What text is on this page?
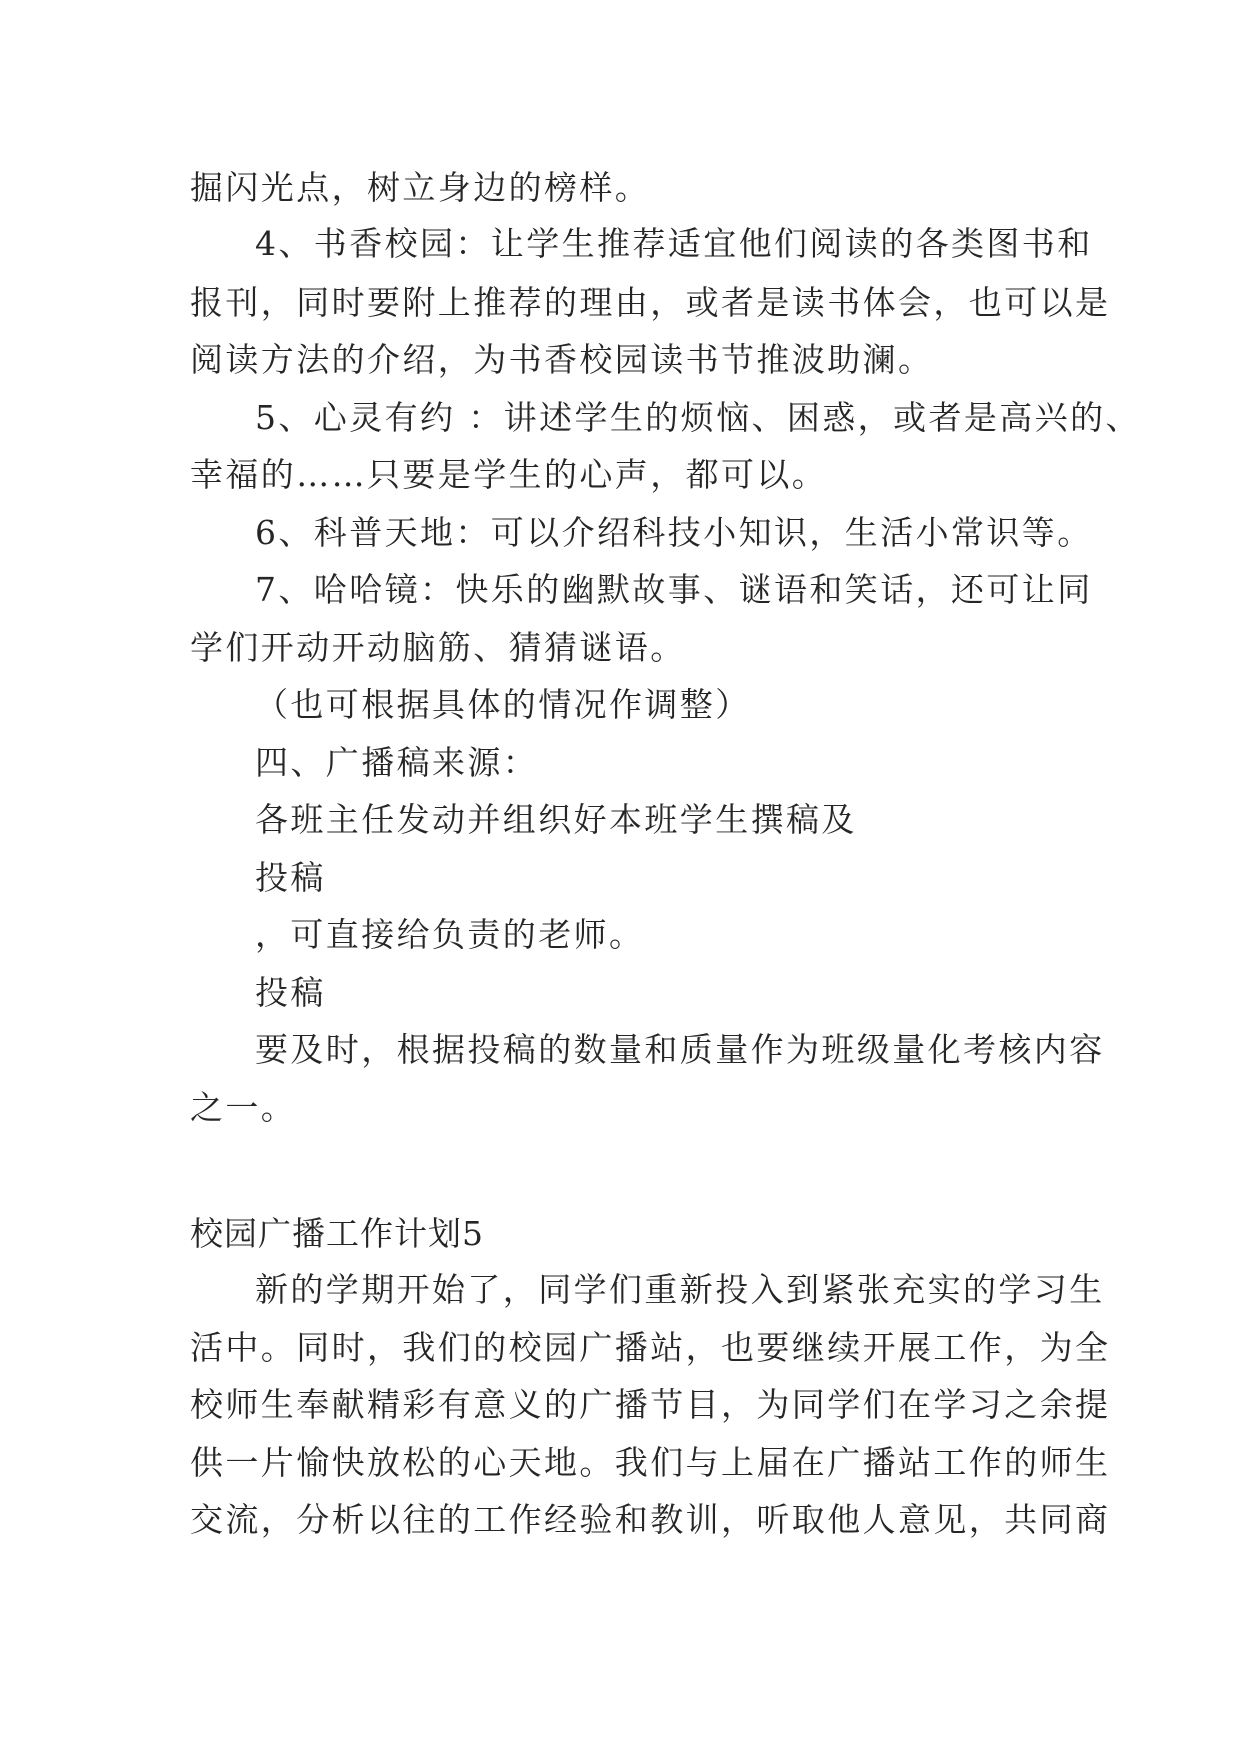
掘闪光点，树立身边的榜样。
4、书香校园：让学生推荐适宜他们阅读的各类图书和
报刊，同时要附上推荐的理由，或者是读书体会，也可以是
阅读方法的介绍，为书香校园读书节推波助澜。
5、心灵有约 ：讲述学生的烦恼、困惑，或者是高兴的、
幸福的……只要是学生的心声，都可以。
6、科普天地：可以介绍科技小知识，生活小常识等。
7、哈哈镜：快乐的幽默故事、谜语和笑话，还可让同
学们开动开动脑筋、猜猜谜语。
（也可根据具体的情况作调整）
四、广播稿来源：
各班主任发动并组织好本班学生撰稿及
投稿
，可直接给负责的老师。
投稿
要及时，根据投稿的数量和质量作为班级量化考核内容
之一。
校园广播工作计划5
新的学期开始了，同学们重新投入到紧张充实的学习生
活中。同时，我们的校园广播站，也要继续开展工作，为全
校师生奉献精彩有意义的广播节目，为同学们在学习之余提
供一片愉快放松的心天地。我们与上届在广播站工作的师生
交流，分析以往的工作经验和教训，听取他人意见，共同商
